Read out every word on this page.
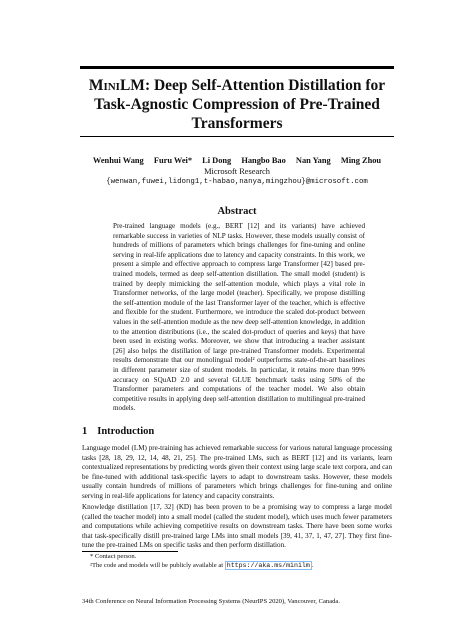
MiniLM: Deep Self-Attention Distillation for
Task-Agnostic Compression of Pre-Trained
Transformers
Wenhui Wang Furu Wei* Li Dong Hangbo Bao Nan Yang Ming Zhou
Microsoft Research
{wenwan,fuwei,lidong1,t-habao,nanya,mingzhou}@microsoft.com
Abstract
Pre-trained language models (e.g., BERT [12] and its variants) have achieved remarkable success in varieties of NLP tasks. However, these models usually consist of hundreds of millions of parameters which brings challenges for fine-tuning and online serving in real-life applications due to latency and capacity constraints. In this work, we present a simple and effective approach to compress large Transformer [42] based pre-trained models, termed as deep self-attention distillation. The small model (student) is trained by deeply mimicking the self-attention module, which plays a vital role in Transformer networks, of the large model (teacher). Specifically, we propose distilling the self-attention module of the last Transformer layer of the teacher, which is effective and flexible for the student. Furthermore, we introduce the scaled dot-product between values in the self-attention module as the new deep self-attention knowledge, in addition to the attention distributions (i.e., the scaled dot-product of queries and keys) that have been used in existing works. Moreover, we show that introducing a teacher assistant [26] also helps the distillation of large pre-trained Transformer models. Experimental results demonstrate that our monolingual model² outperforms state-of-the-art baselines in different parameter size of student models. In particular, it retains more than 99% accuracy on SQuAD 2.0 and several GLUE benchmark tasks using 50% of the Transformer parameters and computations of the teacher model. We also obtain competitive results in applying deep self-attention distillation to multilingual pre-trained models.
1 Introduction
Language model (LM) pre-training has achieved remarkable success for various natural language processing tasks [28, 18, 29, 12, 14, 48, 21, 25]. The pre-trained LMs, such as BERT [12] and its variants, learn contextualized representations by predicting words given their context using large scale text corpora, and can be fine-tuned with additional task-specific layers to adapt to downstream tasks. However, these models usually contain hundreds of millions of parameters which brings challenges for fine-tuning and online serving in real-life applications for latency and capacity constraints.
Knowledge distillation [17, 32] (KD) has been proven to be a promising way to compress a large model (called the teacher model) into a small model (called the student model), which uses much fewer parameters and computations while achieving competitive results on downstream tasks. There have been some works that task-specifically distill pre-trained large LMs into small models [39, 41, 37, 1, 47, 27]. They first fine-tune the pre-trained LMs on specific tasks and then perform distillation.
* Contact person.
²The code and models will be publicly available at https://aka.ms/minilm .
34th Conference on Neural Information Processing Systems (NeurIPS 2020), Vancouver, Canada.
